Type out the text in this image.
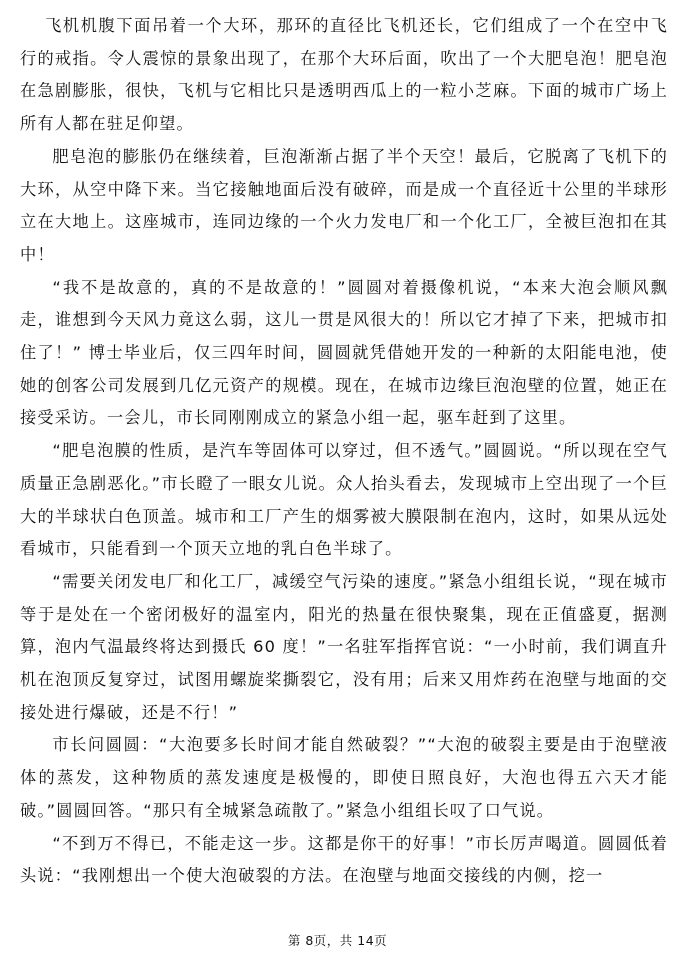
飞机机腹下面吊着一个大环，那环的直径比飞机还长，它们组成了一个在空中飞行的戒指。令人震惊的景象出现了，在那个大环后面，吹出了一个大肥皂泡！肥皂泡在急剧膨胀，很快，飞机与它相比只是透明西瓜上的一粒小芝麻。下面的城市广场上所有人都在驻足仰望。

肥皂泡的膨胀仍在继续着，巨泡渐渐占据了半个天空！最后，它脱离了飞机下的大环，从空中降下来。当它接触地面后没有破碎，而是成一个直径近十公里的半球形立在大地上。这座城市，连同边缘的一个火力发电厂和一个化工厂，全被巨泡扣在其中！

“我不是故意的，真的不是故意的！”圆圆对着摄像机说，“本来大泡会顺风飘走，谁想到今天风力竟这么弱，这儿一贯是风很大的！所以它才掉了下来，把城市扣住了！” 博士毕业后，仅三四年时间，圆圆就凭借她开发的一种新的太阳能电池，使她的创客公司发展到几亿元资产的规模。现在，在城市边缘巨泡泡壁的位置，她正在接受采访。一会儿，市长同刚刚成立的紧急小组一起，驱车赶到了这里。

“肥皂泡膜的性质，是汽车等固体可以穿过，但不透气。”圆圆说。“所以现在空气质量正急剧恶化。”市长瞪了一眼女儿说。众人抬头看去，发现城市上空出现了一个巨大的半球状白色顶盖。城市和工厂产生的烟雾被大膜限制在泡内，这时，如果从远处看城市，只能看到一个顶天立地的乳白色半球了。

“需要关闭发电厂和化工厂，减缓空气污染的速度。”紧急小组组长说，“现在城市等于是处在一个密闭极好的温室内，阳光的热量在很快聚集，现在正值盛夏，据测算，泡内气温最终将达到摄氏 60 度！”一名驻军指挥官说：“一小时前，我们调直升机在泡顶反复穿过，试图用螺旋桨撕裂它，没有用；后来又用炸药在泡壁与地面的交接处进行爆破，还是不行！”

市长问圆圆：“大泡要多长时间才能自然破裂？”“大泡的破裂主要是由于泡壁液体的蒸发，这种物质的蒸发速度是极慢的，即使日照良好，大泡也得五六天才能破。”圆圆回答。“那只有全城紧急疏散了。”紧急小组组长叹了口气说。

“不到万不得已，不能走这一步。这都是你干的好事！”市长厉声喝道。圆圆低着头说：“我刚想出一个使大泡破裂的方法。在泡壁与地面交接线的内侧，挖一

第 8页，共 14页
